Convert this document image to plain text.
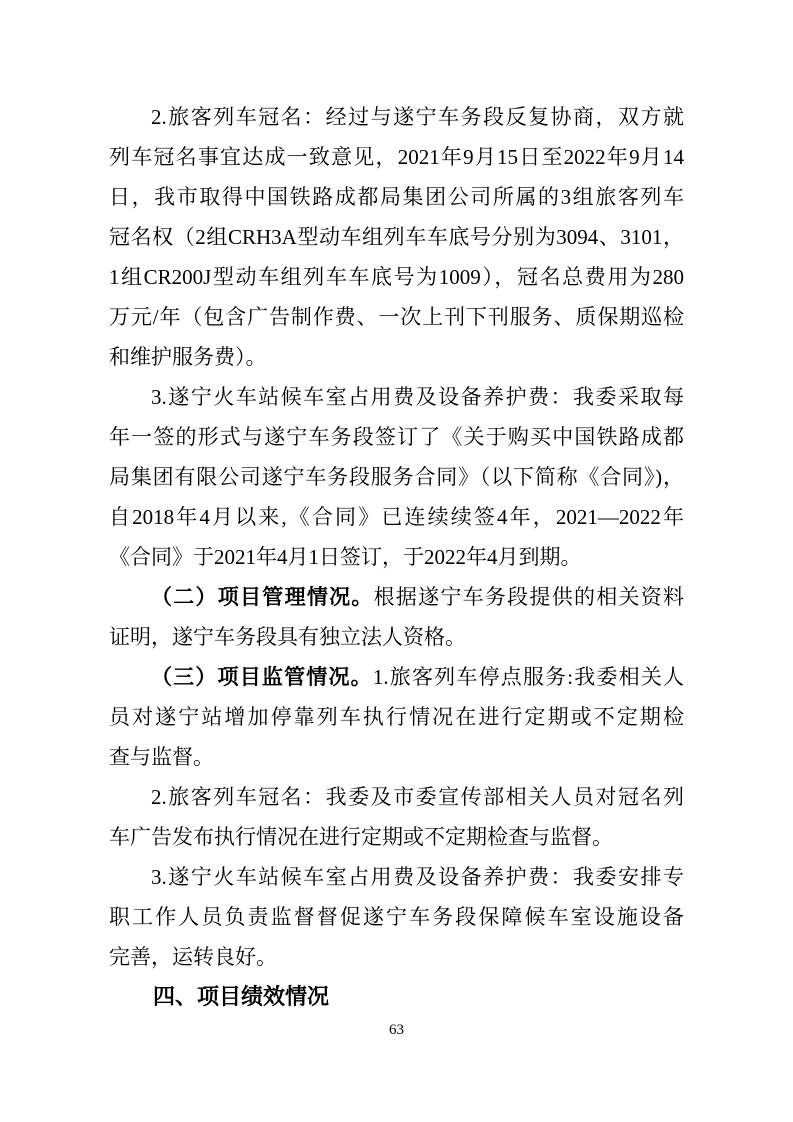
2.旅客列车冠名：经过与遂宁车务段反复协商，双方就
列车冠名事宜达成一致意见，2021年9月15日至2022年9月14
日，我市取得中国铁路成都局集团公司所属的3组旅客列车
冠名权（2组CRH3A型动车组列车车底号分别为3094、3101，
1组CR200J型动车组列车车底号为1009），冠名总费用为280
万元/年（包含广告制作费、一次上刊下刊服务、质保期巡检
和维护服务费）。
3.遂宁火车站候车室占用费及设备养护费：我委采取每
年一签的形式与遂宁车务段签订了《关于购买中国铁路成都
局集团有限公司遂宁车务段服务合同》（以下简称《合同》)，
自2018年4月以来,《合同》已连续续签4年，2021—2022年
《合同》于2021年4月1日签订，于2022年4月到期。
（二）项目管理情况。根据遂宁车务段提供的相关资料
证明，遂宁车务段具有独立法人资格。
（三）项目监管情况。1.旅客列车停点服务:我委相关人
员对遂宁站增加停靠列车执行情况在进行定期或不定期检
查与监督。
2.旅客列车冠名：我委及市委宣传部相关人员对冠名列
车广告发布执行情况在进行定期或不定期检查与监督。
3.遂宁火车站候车室占用费及设备养护费：我委安排专
职工作人员负责监督督促遂宁车务段保障候车室设施设备
完善，运转良好。
四、项目绩效情况
63
